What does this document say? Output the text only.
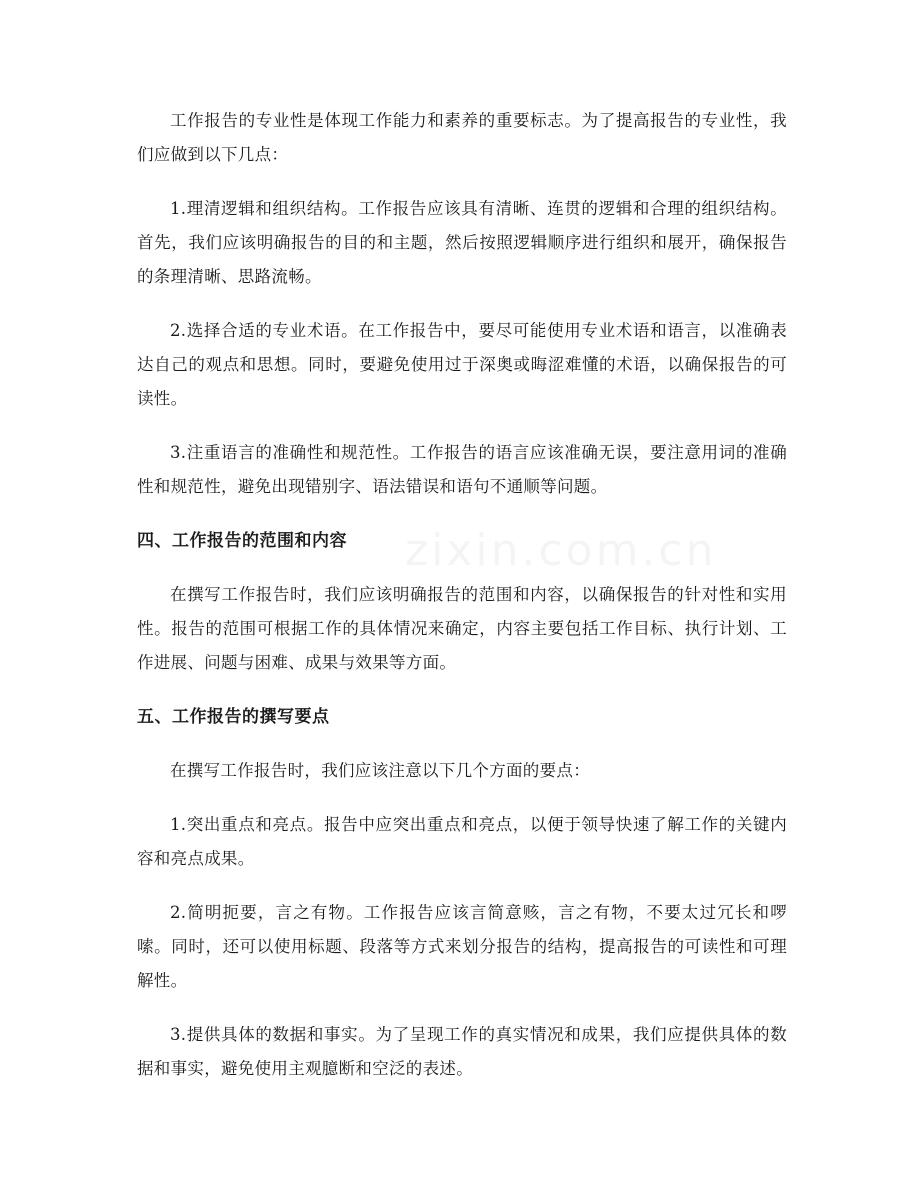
工作报告的专业性是体现工作能力和素养的重要标志。为了提高报告的专业性，我们应做到以下几点：

1.理清逻辑和组织结构。工作报告应该具有清晰、连贯的逻辑和合理的组织结构。首先，我们应该明确报告的目的和主题，然后按照逻辑顺序进行组织和展开，确保报告的条理清晰、思路流畅。

2.选择合适的专业术语。在工作报告中，要尽可能使用专业术语和语言，以准确表达自己的观点和思想。同时，要避免使用过于深奥或晦涩难懂的术语，以确保报告的可读性。

3.注重语言的准确性和规范性。工作报告的语言应该准确无误，要注意用词的准确性和规范性，避免出现错别字、语法错误和语句不通顺等问题。

四、工作报告的范围和内容

在撰写工作报告时，我们应该明确报告的范围和内容，以确保报告的针对性和实用性。报告的范围可根据工作的具体情况来确定，内容主要包括工作目标、执行计划、工作进展、问题与困难、成果与效果等方面。

五、工作报告的撰写要点

在撰写工作报告时，我们应该注意以下几个方面的要点：

1.突出重点和亮点。报告中应突出重点和亮点，以便于领导快速了解工作的关键内容和亮点成果。

2.简明扼要，言之有物。工作报告应该言简意赅，言之有物，不要太过冗长和啰嗦。同时，还可以使用标题、段落等方式来划分报告的结构，提高报告的可读性和可理解性。

3.提供具体的数据和事实。为了呈现工作的真实情况和成果，我们应提供具体的数据和事实，避免使用主观臆断和空泛的表述。
